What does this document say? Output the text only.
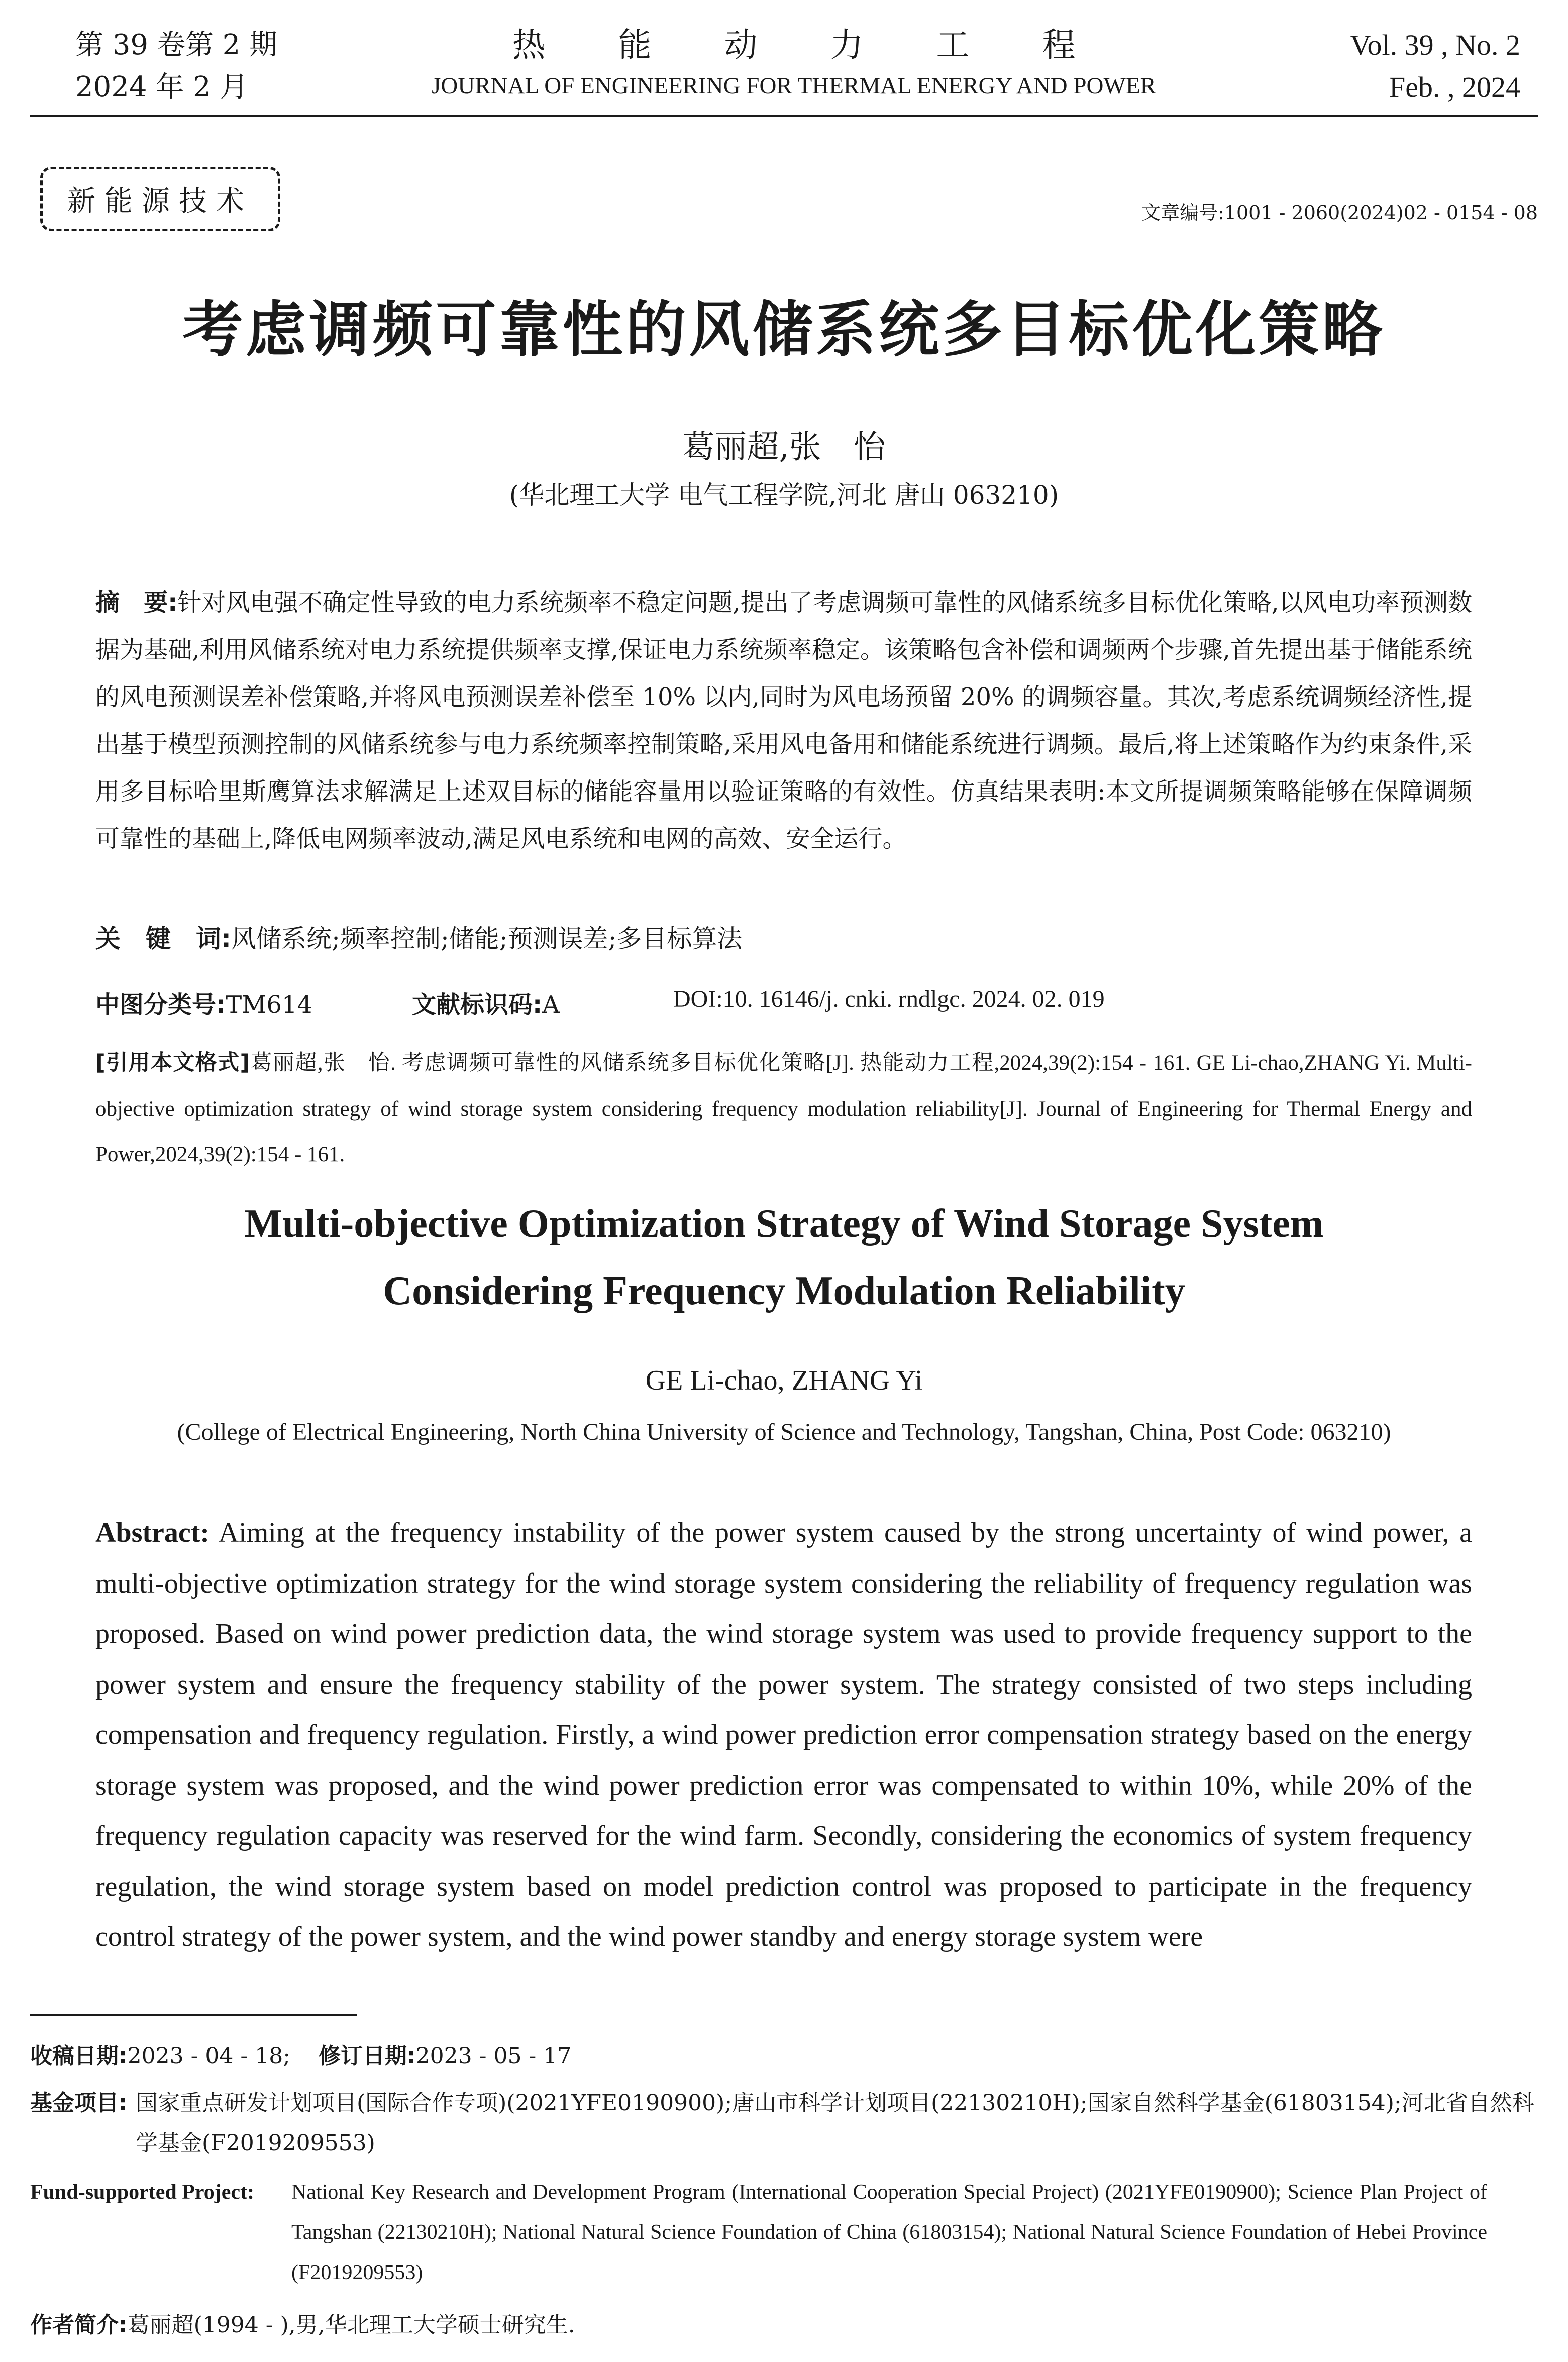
第 39 卷第 2 期
2024 年 2 月
热能动力工程
JOURNAL OF ENGINEERING FOR THERMAL ENERGY AND POWER
Vol. 39 , No. 2
Feb. , 2024
新能源技术	文章编号:1001 - 2060(2024)02 - 0154 - 08
考虑调频可靠性的风储系统多目标优化策略
葛丽超,张　怡
(华北理工大学 电气工程学院,河北 唐山 063210)
摘　要:针对风电强不确定性导致的电力系统频率不稳定问题,提出了考虑调频可靠性的风储系统多目标优化策略,以风电功率预测数据为基础,利用风储系统对电力系统提供频率支撑,保证电力系统频率稳定。该策略包含补偿和调频两个步骤,首先提出基于储能系统的风电预测误差补偿策略,并将风电预测误差补偿至 10% 以内,同时为风电场预留 20% 的调频容量。其次,考虑系统调频经济性,提出基于模型预测控制的风储系统参与电力系统频率控制策略,采用风电备用和储能系统进行调频。最后,将上述策略作为约束条件,采用多目标哈里斯鹰算法求解满足上述双目标的储能容量用以验证策略的有效性。仿真结果表明:本文所提调频策略能够在保障调频可靠性的基础上,降低电网频率波动,满足风电系统和电网的高效、安全运行。
关　键　词:风储系统;频率控制;储能;预测误差;多目标算法
中图分类号:TM614	文献标识码:A	DOI:10. 16146/j. cnki. rndlgc. 2024. 02. 019
[引用本文格式]葛丽超,张　怡. 考虑调频可靠性的风储系统多目标优化策略[J]. 热能动力工程,2024,39(2):154 - 161. GE Li-chao,ZHANG Yi. Multi-objective optimization strategy of wind storage system considering frequency modulation reliability[J]. Journal of Engineering for Thermal Energy and Power,2024,39(2):154 - 161.
Multi-objective Optimization Strategy of Wind Storage System
Considering Frequency Modulation Reliability
GE Li-chao, ZHANG Yi
(College of Electrical Engineering, North China University of Science and Technology, Tangshan, China, Post Code: 063210)
Abstract: Aiming at the frequency instability of the power system caused by the strong uncertainty of wind power, a multi-objective optimization strategy for the wind storage system considering the reliability of frequency regulation was proposed. Based on wind power prediction data, the wind storage system was used to provide frequency support to the power system and ensure the frequency stability of the power system. The strategy consisted of two steps including compensation and frequency regulation. Firstly, a wind power prediction error compensation strategy based on the energy storage system was proposed, and the wind power prediction error was compensated to within 10%, while 20% of the frequency regulation capacity was reserved for the wind farm. Secondly, considering the economics of system frequency regulation, the wind storage system based on model prediction control was proposed to participate in the frequency control strategy of the power system, and the wind power standby and energy storage system were
收稿日期:2023 - 04 - 18; 修订日期:2023 - 05 - 17
基金项目: 国家重点研发计划项目(国际合作专项)(2021YFE0190900);唐山市科学计划项目(22130210H);国家自然科学基金(61803154);河北省自然科学基金(F2019209553)
Fund-supported Project: National Key Research and Development Program (International Cooperation Special Project) (2021YFE0190900); Science Plan Project of Tangshan (22130210H); National Natural Science Foundation of China (61803154); National Natural Science Foundation of Hebei Province (F2019209553)
作者简介:葛丽超(1994 - ),男,华北理工大学硕士研究生.
